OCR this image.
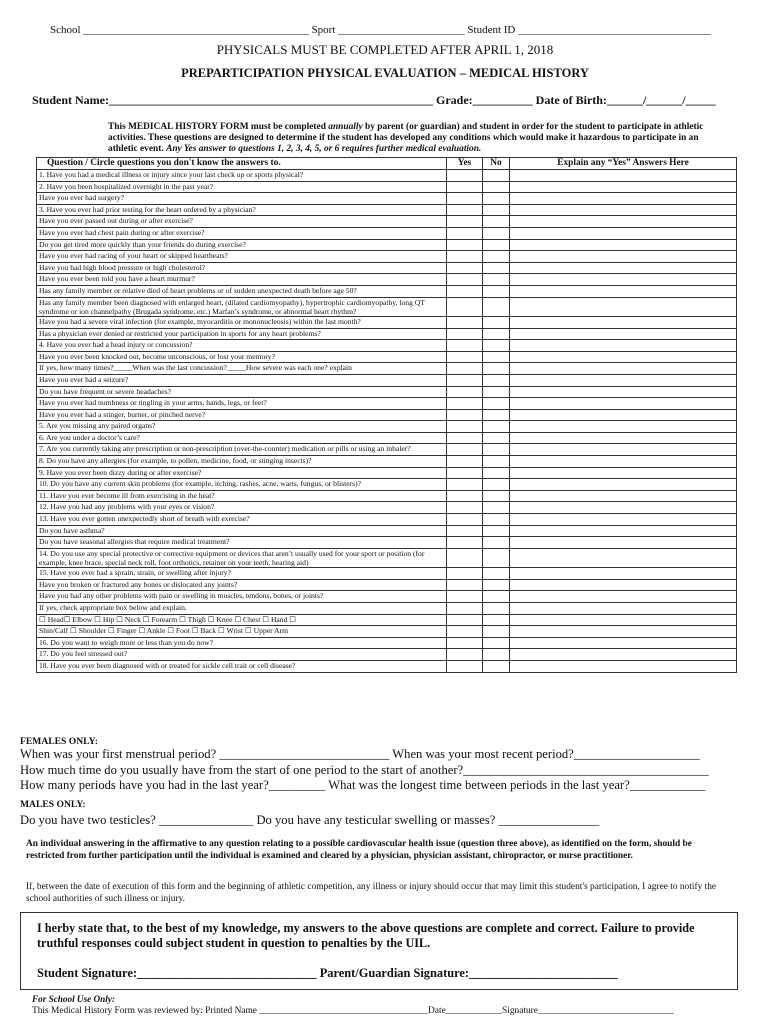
School _________________________________________ Sport _______________________ Student ID ___________________________________
PHYSICALS MUST BE COMPLETED AFTER APRIL 1, 2018
PREPARTICIPATION PHYSICAL EVALUATION – MEDICAL HISTORY
Student Name:______________________________________________________ Grade:__________ Date of Birth:______/______/_____
This MEDICAL HISTORY FORM must be completed annually by parent (or guardian) and student in order for the student to participate in athletic activities. These questions are designed to determine if the student has developed any conditions which would make it hazardous to participate in an athletic event. Any Yes answer to questions 1, 2, 3, 4, 5, or 6 requires further medical evaluation.
Question / Circle questions you don't know the answers to.	Yes	No	Explain any “Yes” Answers Here
1. Have you had a medical illness or injury since your last check up or sports physical?			
2. Have you been hospitalized overnight in the past year?			
Have you ever had surgery?			
3. Have you ever had prior testing for the heart ordered by a physician?			
Have you ever passed out during or after exercise?			
Have you ever had chest pain during or after exercise?			
Do you get tired more quickly than your friends do during exercise?			
Have you ever had racing of your heart or skipped heartbeats?			
Have you had high blood pressure or high cholesterol?			
Have you ever been told you have a heart murmur?			
Has any family member or relative died of heart problems or of sudden unexpected death before age 50?			
Has any family member been diagnosed with enlarged heart, (dilated cardiomyopathy), hypertrophic cardiomyopathy, long QT syndrome or ion channelpathy (Brugada syndrome, etc.) Marfan’s syndrome, or abnormal heart rhythm?			
Have you had a severe viral infection (for example, myocarditis or mononucleosis) within the last month?			
Has a physician ever denied or restricted your participation in sports for any heart problems?			
4. Have you ever had a head injury or concussion?			
Have you ever been knocked out, become unconscious, or lost your memory?			
If yes, how many times?_____When was the last concussion?_____How severe was each one? explain			
Have you ever had a seizure?			
Do you have frequent or severe headaches?			
Have you ever had numbness or tingling in your arms, hands, legs, or feet?			
Have you ever had a stinger, burner, or pinched nerve?			
5. Are you missing any paired organs?			
6. Are you under a doctor’s care?			
7. Are you currently taking any prescription or non-prescription (over-the-counter) medication or pills or using an inhaler?			
8. Do you have any allergies (for example, to pollen, medicine, food, or stinging insects)?			
9. Have you ever been dizzy during or after exercise?			
10. Do you have any current skin problems (for example, itching, rashes, acne, warts, fungus, or blisters)?			
11. Have you ever become ill from exercising in the heat?			
12. Have you had any problems with your eyes or vision?			
13. Have you ever gotten unexpectedly short of breath with exercise?			
Do you have asthma?			
Do you have seasonal allergies that require medical treatment?			
14. Do you use any special protective or corrective equipment or devices that aren’t usually used for your sport or position (for example, knee brace, special neck roll, foot orthotics, retainer on your teeth, hearing aid)			
15. Have you ever had a sprain, strain, or swelling after injury?			
Have you broken or fractured any bones or dislocated any joints?			
Have you had any other problems with pain or swelling in muscles, tendons, bones, or joints?			
If yes, check appropriate box below and explain.			
☐ Head☐ Elbow ☐ Hip ☐ Neck ☐ Forearm ☐ Thigh ☐ Knee ☐ Chest ☐ Hand ☐			
Shin/Calf ☐ Shoulder ☐ Finger ☐ Ankle ☐ Foot ☐ Back ☐ Wrist ☐ Upper Arm			
16. Do you want to weigh more or less than you do now?			
17. Do you feel stressed out?			
18. Have you ever been diagnosed with or treated for sickle cell trait or cell disease?			
FEMALES ONLY:
When was your first menstrual period? ___________________________ When was your most recent period?____________________
How much time do you usually have from the start of one period to the start of another?_______________________________________
How many periods have you had in the last year?_________ What was the longest time between periods in the last year?____________
MALES ONLY:
Do you have two testicles? _______________ Do you have any testicular swelling or masses? ________________
An individual answering in the affirmative to any question relating to a possible cardiovascular health issue (question three above), as identified on the form, should be restricted from further participation until the individual is examined and cleared by a physician, physician assistant, chiropractor, or nurse practitioner.
If, between the date of execution of this form and the beginning of athletic competition, any illness or injury should occur that may limit this student's participation, I agree to notify the school authorities of such illness or injury.
I herby state that, to the best of my knowledge, my answers to the above questions are complete and correct. Failure to provide truthful responses could subject student in question to penalties by the UIL.
Student Signature:_____________________________ Parent/Guardian Signature:________________________
For School Use Only:
This Medical History Form was reviewed by: Printed Name ____________________________________Date____________Signature_____________________________
